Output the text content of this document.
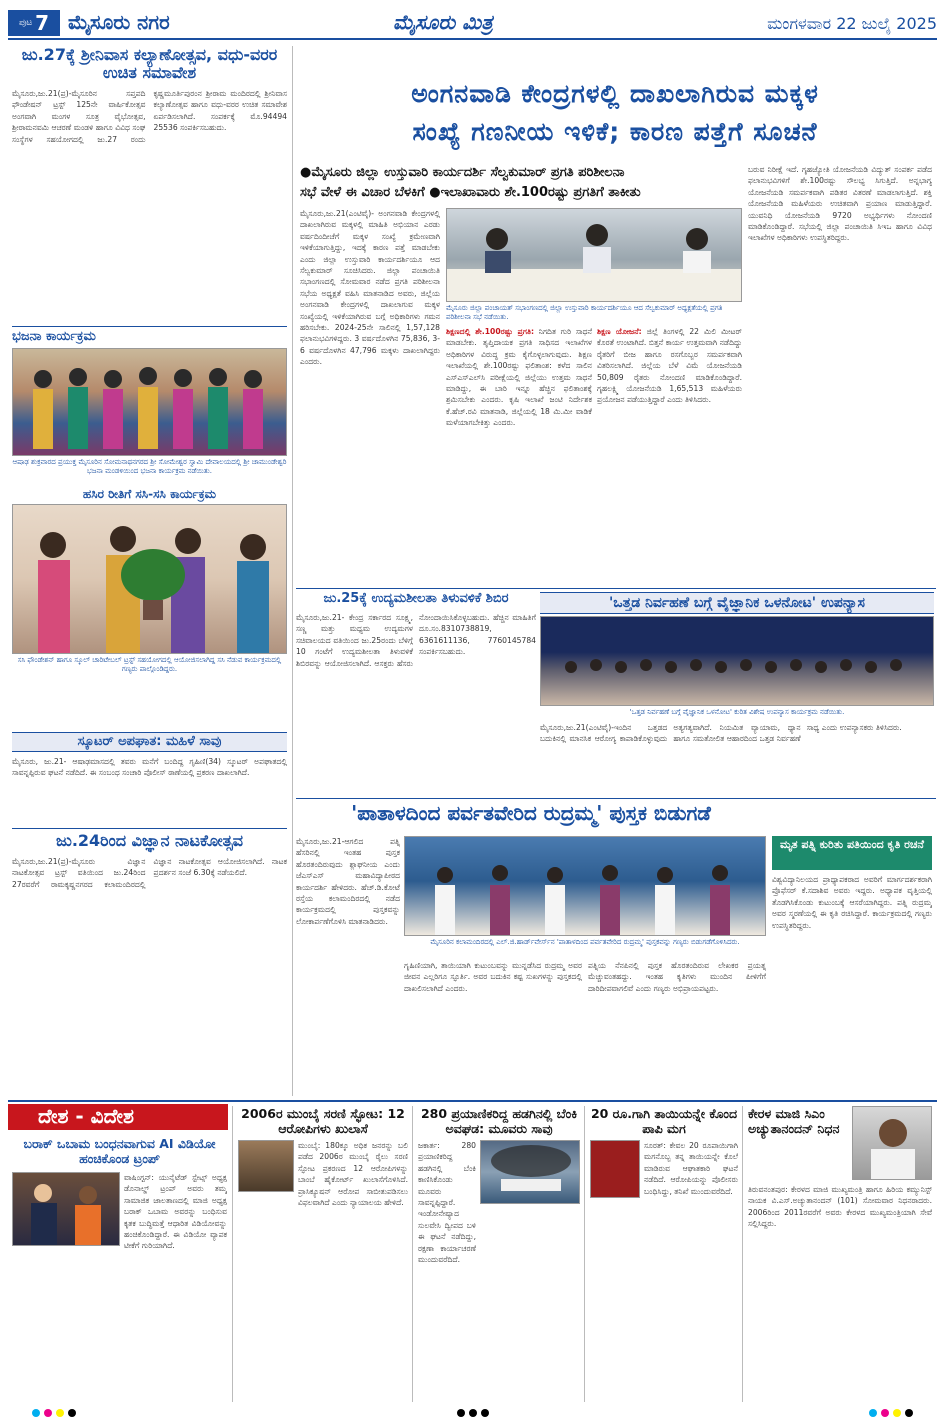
ಪುಟ 7 ಮೈಸೂರು ನಗರ	ಮೈಸೂರು ಮಿತ್ರ	ಮಂಗಳವಾರ 22 ಜುಲೈ 2025
ಜು.27ಕ್ಕೆ ಶ್ರೀನಿವಾಸ ಕಲ್ಯಾಣೋತ್ಸವ, ವಧು-ವರರ ಉಚಿತ ಸಮಾವೇಶ
ಮೈಸೂರು,ಜು.21(ಪ್ರ)-ಮೈಸೂರಿನ ಸಪ್ತಪದಿ ಫೌಂಡೇಷನ್ ಟ್ರಸ್ಟ್ 125ನೇ ವಾರ್ಷಿಕೋತ್ಸವ ಅಂಗವಾಗಿ ಮಂಗಳ ಸೂತ್ರ ವೈಭೋತ್ಸವ, ಶ್ರೀರಾಮನವಮಿ ಆಚರಣೆ ಮಂಡಳಿ ಹಾಗೂ ವಿವಿಧ ಸಂಘ ಸಂಸ್ಥೆಗಳ ಸಹಯೋಗದಲ್ಲಿ ಜು.27 ರಂದು ಕೃಷ್ಣಮೂರ್ತಿಪುರಂನ ಶ್ರೀರಾಮ ಮಂದಿರದಲ್ಲಿ ಶ್ರೀನಿವಾಸ ಕಲ್ಯಾಣೋತ್ಸವ ಹಾಗೂ ವಧು-ವರರ ಉಚಿತ ಸಮಾವೇಶ ಏರ್ಪಡಿಸಲಾಗಿದೆ. ಸಂಪರ್ಕಕ್ಕೆ ಮೊ.94494 25536 ಸಂಪರ್ಕಿಸಬಹುದು.
ಭಜನಾ ಕಾರ್ಯಕ್ರಮ
ಆಷಾಢ ಶುಕ್ರವಾರದ ಪ್ರಯುಕ್ತ ಮೈಸೂರಿನ ಸೋಮನಾಥನಗರದ ಶ್ರೀ ಸೋಮೇಶ್ವರ ಸ್ವಾಮಿ ದೇವಾಲಯದಲ್ಲಿ ಶ್ರೀ ಚಾಮುಂಡೇಶ್ವರಿ ಭಜನಾ ಮಂಡಳಿಯಿಂದ ಭಜನಾ ಕಾರ್ಯಕ್ರಮ ನಡೆಯಿತು.
ಹಸಿರ ರೀತಿಗೆ ಸಸಿ-ಸಸಿ ಕಾರ್ಯಕ್ರಮ
ಸಸಿ ಫೌಂಡೇಶನ್ ಹಾಗೂ ಸ್ಕೂಲ್ ಚಾರಿಟೇಬಲ್ ಟ್ರಸ್ಟ್ ಸಹಯೋಗದಲ್ಲಿ ಆಯೋಜಿಸಲಾಗಿದ್ದ ಸಸಿ ನೆಡುವ ಕಾರ್ಯಕ್ರಮದಲ್ಲಿ ಗಣ್ಯರು ಪಾಲ್ಗೊಂಡಿದ್ದರು.
ಸ್ಕೂಟರ್ ಅಪಘಾತ: ಮಹಿಳೆ ಸಾವು
ಮೈಸೂರು, ಜು.21- ಆಷಾಢಮಾಸದಲ್ಲಿ ತವರು ಮನೆಗೆ ಬಂದಿದ್ದ ಗೃಹಿಣಿ(34) ಸ್ಕೂಟರ್ ಅಪಘಾತದಲ್ಲಿ ಸಾವನ್ನಪ್ಪಿರುವ ಘಟನೆ ನಡೆದಿದೆ. ಈ ಸಂಬಂಧ ಸಂಚಾರಿ ಪೊಲೀಸ್ ಠಾಣೆಯಲ್ಲಿ ಪ್ರಕರಣ ದಾಖಲಾಗಿದೆ.
ಜು.24ರಿಂದ ವಿಜ್ಞಾನ ನಾಟಕೋತ್ಸವ
ಮೈಸೂರು,ಜು.21(ಪ್ರ)-ಮೈಸೂರು ವಿಜ್ಞಾನ ನಾಟಕೋತ್ಸವ ಟ್ರಸ್ಟ್ ವತಿಯಿಂದ ಜು.24ರಿಂದ 27ರವರೆಗೆ ರಾಮಕೃಷ್ಣನಗರದ ಕಲಾಮಂದಿರದಲ್ಲಿ ವಿಜ್ಞಾನ ನಾಟಕೋತ್ಸವ ಆಯೋಜಿಸಲಾಗಿದೆ. ನಾಟಕ ಪ್ರದರ್ಶನ ಸಂಜೆ 6.30ಕ್ಕೆ ನಡೆಯಲಿದೆ.
ಅಂಗನವಾಡಿ ಕೇಂದ್ರಗಳಲ್ಲಿ ದಾಖಲಾಗಿರುವ ಮಕ್ಕಳ
ಸಂಖ್ಯೆ ಗಣನೀಯ ಇಳಿಕೆ; ಕಾರಣ ಪತ್ತೆಗೆ ಸೂಚನೆ
●ಮೈಸೂರು ಜಿಲ್ಲಾ ಉಸ್ತುವಾರಿ ಕಾರ್ಯದರ್ಶಿ ಸೆಲ್ವಕುಮಾರ್ ಪ್ರಗತಿ ಪರಿಶೀಲನಾ
ಸಭೆ ವೇಳೆ ಈ ವಿಚಾರ ಬೆಳಕಿಗೆ ●ಇಲಾಖಾವಾರು ಶೇ.100ರಷ್ಟು ಪ್ರಗತಿಗೆ ತಾಕೀತು
ಮೈಸೂರು,ಜು.21(ಎಂಟಿವೈ)- ಅಂಗನವಾಡಿ ಕೇಂದ್ರಗಳಲ್ಲಿ ದಾಖಲಾಗಿರುವ ಮಕ್ಕಳಲ್ಲಿ ಮಾಹಿತಿ ಅಭಿಯಾನ ಎರಡು ವರ್ಷದಿಂದೀಚೆಗೆ ಮಕ್ಕಳ ಸಂಖ್ಯೆ ಕ್ರಮೇಣವಾಗಿ ಇಳಿಕೆಯಾಗುತ್ತಿದ್ದು, ಇದಕ್ಕೆ ಕಾರಣ ಪತ್ತೆ ಮಾಡಬೇಕು ಎಂದು ಜಿಲ್ಲಾ ಉಸ್ತುವಾರಿ ಕಾರ್ಯದರ್ಶಿಯೂ ಆದ ಸೆಲ್ವಕುಮಾರ್ ಸೂಚಿಸಿದರು. ಜಿಲ್ಲಾ ಪಂಚಾಯಿತಿ ಸಭಾಂಗಣದಲ್ಲಿ ಸೋಮವಾರ ನಡೆದ ಪ್ರಗತಿ ಪರಿಶೀಲನಾ ಸಭೆಯ ಅಧ್ಯಕ್ಷತೆ ವಹಿಸಿ ಮಾತನಾಡಿದ ಅವರು, ಜಿಲ್ಲೆಯ ಅಂಗನವಾಡಿ ಕೇಂದ್ರಗಳಲ್ಲಿ ದಾಖಲಾಗುವ ಮಕ್ಕಳ ಸಂಖ್ಯೆಯಲ್ಲಿ ಇಳಿಕೆಯಾಗಿರುವ ಬಗ್ಗೆ ಅಧಿಕಾರಿಗಳು ಗಮನ ಹರಿಸಬೇಕು. 2024-25ನೇ ಸಾಲಿನಲ್ಲಿ 1,57,128 ಫಲಾನುಭವಿಗಳಿದ್ದರು. 3 ವರ್ಷದೊಳಗಿನ 75,836, 3-6 ವರ್ಷದೊಳಗಿನ 47,796 ಮಕ್ಕಳು ದಾಖಲಾಗಿದ್ದರು ಎಂದರು.
ಮೈಸೂರು ಜಿಲ್ಲಾ ಪಂಚಾಯತ್ ಸಭಾಂಗಣದಲ್ಲಿ ಜಿಲ್ಲಾ ಉಸ್ತುವಾರಿ ಕಾರ್ಯದರ್ಶಿಯೂ ಆದ ಸೆಲ್ವಕುಮಾರ್ ಅಧ್ಯಕ್ಷತೆಯಲ್ಲಿ ಪ್ರಗತಿ ಪರಿಶೀಲನಾ ಸಭೆ ನಡೆಯಿತು.
ಶಿಕ್ಷಣದಲ್ಲಿ ಶೇ.100ರಷ್ಟು ಪ್ರಗತಿ: ನಿಗದಿತ ಗುರಿ ಸಾಧನೆ ಮಾಡಬೇಕು. ತೃಪ್ತಿದಾಯಕ ಪ್ರಗತಿ ಸಾಧಿಸದ ಇಲಾಖೆಗಳ ಅಧಿಕಾರಿಗಳ ವಿರುದ್ಧ ಕ್ರಮ ಕೈಗೊಳ್ಳಲಾಗುವುದು. ಶಿಕ್ಷಣ ಇಲಾಖೆಯಲ್ಲಿ ಶೇ.100ರಷ್ಟು ಫಲಿತಾಂಶ: ಕಳೆದ ಸಾಲಿನ ಎಸ್ಎಸ್ಎಲ್‌ಸಿ ಪರೀಕ್ಷೆಯಲ್ಲಿ ಜಿಲ್ಲೆಯು ಉತ್ತಮ ಸಾಧನೆ ಮಾಡಿದ್ದು, ಈ ಬಾರಿ ಇನ್ನೂ ಹೆಚ್ಚಿನ ಫಲಿತಾಂಶಕ್ಕೆ ಶ್ರಮಿಸಬೇಕು ಎಂದರು. ಕೃಷಿ ಇಲಾಖೆ ಜಂಟಿ ನಿರ್ದೇಶಕ ಕೆ.ಹೆಚ್.ರವಿ ಮಾತನಾಡಿ, ಜಿಲ್ಲೆಯಲ್ಲಿ 18 ಮಿ.ಮೀ ವಾಡಿಕೆ ಮಳೆಯಾಗಬೇಕಿತ್ತು ಎಂದರು.
ಶಿಕ್ಷಣ ಯೋಜನೆ: ಜಿಲ್ಲೆ ತಿಂಗಳಲ್ಲಿ 22 ಮಿಲಿ ಮೀಟರ್ ಕೊರತೆ ಉಂಟಾಗಿದೆ. ಬಿತ್ತನೆ ಕಾರ್ಯ ಉತ್ತಮವಾಗಿ ನಡೆದಿದ್ದು ರೈತರಿಗೆ ಬೀಜ ಹಾಗೂ ರಸಗೊಬ್ಬರ ಸಮರ್ಪಕವಾಗಿ ವಿತರಿಸಲಾಗಿದೆ. ಜಿಲ್ಲೆಯ ಬೆಳೆ ವಿಮೆ ಯೋಜನೆಯಡಿ 50,809 ರೈತರು ನೋಂದಣಿ ಮಾಡಿಕೊಂಡಿದ್ದಾರೆ. ಗೃಹಲಕ್ಷ್ಮಿ ಯೋಜನೆಯಡಿ 1,65,513 ಮಹಿಳೆಯರು ಪ್ರಯೋಜನ ಪಡೆಯುತ್ತಿದ್ದಾರೆ ಎಂದು ತಿಳಿಸಿದರು.
ಬರುವ ನಿರೀಕ್ಷೆ ಇದೆ. ಗೃಹಜ್ಯೋತಿ ಯೋಜನೆಯಡಿ ವಿದ್ಯುತ್ ಸಂಪರ್ಕ ಪಡೆದ ಫಲಾನುಭವಿಗಳಿಗೆ ಶೇ.100ರಷ್ಟು ಸೌಲಭ್ಯ ಸಿಗುತ್ತಿದೆ. ಅನ್ನಭಾಗ್ಯ ಯೋಜನೆಯಡಿ ಸಮರ್ಪಕವಾಗಿ ಪಡಿತರ ವಿತರಣೆ ಮಾಡಲಾಗುತ್ತಿದೆ. ಶಕ್ತಿ ಯೋಜನೆಯಡಿ ಮಹಿಳೆಯರು ಉಚಿತವಾಗಿ ಪ್ರಯಾಣ ಮಾಡುತ್ತಿದ್ದಾರೆ. ಯುವನಿಧಿ ಯೋಜನೆಯಡಿ 9720 ಅಭ್ಯರ್ಥಿಗಳು ನೋಂದಣಿ ಮಾಡಿಕೊಂಡಿದ್ದಾರೆ. ಸಭೆಯಲ್ಲಿ ಜಿಲ್ಲಾ ಪಂಚಾಯಿತಿ ಸಿಇಒ ಹಾಗೂ ವಿವಿಧ ಇಲಾಖೆಗಳ ಅಧಿಕಾರಿಗಳು ಉಪಸ್ಥಿತರಿದ್ದರು.
ಜು.25ಕ್ಕೆ ಉದ್ಯಮಶೀಲತಾ ತಿಳುವಳಿಕೆ ಶಿಬಿರ
ಮೈಸೂರು,ಜು.21- ಕೇಂದ್ರ ಸರ್ಕಾರದ ಸೂಕ್ಷ್ಮ, ಸಣ್ಣ ಮತ್ತು ಮಧ್ಯಮ ಉದ್ಯಮಗಳ ಸಚಿವಾಲಯದ ವತಿಯಿಂದ ಜು.25ರಂದು ಬೆಳಿಗ್ಗೆ 10 ಗಂಟೆಗೆ ಉದ್ಯಮಶೀಲತಾ ತಿಳುವಳಿಕೆ ಶಿಬಿರವನ್ನು ಆಯೋಜಿಸಲಾಗಿದೆ. ಆಸಕ್ತರು ಹೆಸರು ನೋಂದಾಯಿಸಿಕೊಳ್ಳಬಹುದು. ಹೆಚ್ಚಿನ ಮಾಹಿತಿಗೆ ದೂ.ಸಂ.8310738819, 6361611136, 7760145784 ಸಂಪರ್ಕಿಸಬಹುದು.
'ಒತ್ತಡ ನಿರ್ವಹಣೆ ಬಗ್ಗೆ ವೈಜ್ಞಾನಿಕ ಒಳನೋಟ' ಉಪನ್ಯಾಸ
'ಒತ್ತಡ ನಿರ್ವಹಣೆ ಬಗ್ಗೆ ವೈಜ್ಞಾನಿಕ ಒಳನೋಟ' ಕುರಿತ ವಿಶೇಷ ಉಪನ್ಯಾಸ ಕಾರ್ಯಕ್ರಮ ನಡೆಯಿತು.
ಮೈಸೂರು,ಜು.21(ಎಂಟಿವೈ)-ಇಂದಿನ ಒತ್ತಡದ ಬದುಕಿನಲ್ಲಿ ಮಾನಸಿಕ ಆರೋಗ್ಯ ಕಾಪಾಡಿಕೊಳ್ಳುವುದು ಅತ್ಯಗತ್ಯವಾಗಿದೆ. ನಿಯಮಿತ ವ್ಯಾಯಾಮ, ಧ್ಯಾನ ಹಾಗೂ ಸಮತೋಲಿತ ಆಹಾರದಿಂದ ಒತ್ತಡ ನಿರ್ವಹಣೆ ಸಾಧ್ಯ ಎಂದು ಉಪನ್ಯಾಸಕರು ತಿಳಿಸಿದರು.
'ಪಾತಾಳದಿಂದ ಪರ್ವತವೇರಿದ ರುದ್ರಮ್ಮ' ಪುಸ್ತಕ ಬಿಡುಗಡೆ
ಮೈಸೂರು,ಜು.21-ಆಗಲಿದ ಪತ್ನಿ ಹೆಸರಿನಲ್ಲಿ ಇಂತಹ ಪುಸ್ತಕ ಹೊರತಂದಿರುವುದು ಶ್ಲಾಘನೀಯ ಎಂದು ಜೆಎಸ್ಎಸ್ ಮಹಾವಿದ್ಯಾಪೀಠದ ಕಾರ್ಯದರ್ಶಿ ಹೇಳಿದರು. ಹೆಚ್.ಡಿ.ಕೋಟೆ ರಸ್ತೆಯ ಕಲಾಮಂದಿರದಲ್ಲಿ ನಡೆದ ಕಾರ್ಯಕ್ರಮದಲ್ಲಿ ಪುಸ್ತಕವನ್ನು ಲೋಕಾರ್ಪಣೆಗೊಳಿಸಿ ಮಾತನಾಡಿದರು.
ಮೈಸೂರಿನ ಕಲಾಮಂದಿರದಲ್ಲಿ ಎಲ್.ಜಿ.ಹಾರ್ಡ್‌ವೇರ್ಸ್‌ನ 'ಪಾತಾಳದಿಂದ ಪರ್ವತವೇರಿದ ರುದ್ರಮ್ಮ' ಪುಸ್ತಕವನ್ನು ಗಣ್ಯರು ಬಿಡುಗಡೆಗೊಳಿಸಿದರು.
ಗೃಹಿಣಿಯಾಗಿ, ತಾಯಿಯಾಗಿ ಕುಟುಂಬವನ್ನು ಮುನ್ನಡೆಸಿದ ರುದ್ರಮ್ಮ ಅವರ ಜೀವನ ಎಲ್ಲರಿಗೂ ಸ್ಫೂರ್ತಿ. ಅವರ ಬದುಕಿನ ಕಷ್ಟ ಸುಖಗಳನ್ನು ಪುಸ್ತಕದಲ್ಲಿ ದಾಖಲಿಸಲಾಗಿದೆ ಎಂದರು.
ಪತ್ನಿಯ ನೆನಪಿನಲ್ಲಿ ಪುಸ್ತಕ ಹೊರತಂದಿರುವ ಲೇಖಕರ ಪ್ರಯತ್ನ ಮೆಚ್ಚುವಂತಹದ್ದು. ಇಂತಹ ಕೃತಿಗಳು ಮುಂದಿನ ಪೀಳಿಗೆಗೆ ದಾರಿದೀಪವಾಗಲಿವೆ ಎಂದು ಗಣ್ಯರು ಅಭಿಪ್ರಾಯಪಟ್ಟರು.
ಮೃತ ಪತ್ನಿ ಕುರಿತು ಪತಿಯಿಂದ ಕೃತಿ ರಚನೆ
ವಿಶ್ವವಿದ್ಯಾನಿಲಯದ ಪ್ರಾಧ್ಯಾಪಕರಾದ ಅವರಿಗೆ ಮಾರ್ಗದರ್ಶಕರಾಗಿ ಪ್ರೊಫೆಸರ್ ಕೆ.ಸದಾಶಿವ ಅವರು ಇದ್ದರು. ಅಧ್ಯಾಪಕ ವೃತ್ತಿಯಲ್ಲಿ ತೊಡಗಿಸಿಕೊಂಡು ಕುಟುಂಬಕ್ಕೆ ಆಸರೆಯಾಗಿದ್ದರು. ಪತ್ನಿ ರುದ್ರಮ್ಮ ಅವರ ಸ್ಮರಣೆಯಲ್ಲಿ ಈ ಕೃತಿ ರಚಿಸಿದ್ದಾರೆ. ಕಾರ್ಯಕ್ರಮದಲ್ಲಿ ಗಣ್ಯರು ಉಪಸ್ಥಿತರಿದ್ದರು.
ದೇಶ - ವಿದೇಶ
ಬರಾಕ್ ಒಬಾಮ ಬಂಧನವಾಗುವ AI ವಿಡಿಯೋ ಹಂಚಿಕೊಂಡ ಟ್ರಂಪ್
ವಾಷಿಂಗ್ಟನ್: ಯುನೈಟೆಡ್ ಸ್ಟೇಟ್ಸ್ ಅಧ್ಯಕ್ಷ ಡೊನಾಲ್ಡ್ ಟ್ರಂಪ್ ಅವರು ತಮ್ಮ ಸಾಮಾಜಿಕ ಜಾಲತಾಣದಲ್ಲಿ ಮಾಜಿ ಅಧ್ಯಕ್ಷ ಬರಾಕ್ ಒಬಾಮ ಅವರನ್ನು ಬಂಧಿಸುವ ಕೃತಕ ಬುದ್ಧಿಮತ್ತೆ ಆಧಾರಿತ ವಿಡಿಯೋವನ್ನು ಹಂಚಿಕೊಂಡಿದ್ದಾರೆ. ಈ ವಿಡಿಯೋ ವ್ಯಾಪಕ ಟೀಕೆಗೆ ಗುರಿಯಾಗಿದೆ.
2006ರ ಮುಂಬೈ ಸರಣಿ ಸ್ಫೋಟ: 12 ಆರೋಪಿಗಳು ಖುಲಾಸೆ
ಮುಂಬೈ: 180ಕ್ಕೂ ಅಧಿಕ ಜನರನ್ನು ಬಲಿ ಪಡೆದ 2006ರ ಮುಂಬೈ ರೈಲು ಸರಣಿ ಸ್ಫೋಟ ಪ್ರಕರಣದ 12 ಆರೋಪಿಗಳನ್ನು ಬಾಂಬೆ ಹೈಕೋರ್ಟ್ ಖುಲಾಸೆಗೊಳಿಸಿದೆ. ಪ್ರಾಸಿಕ್ಯೂಷನ್ ಆರೋಪ ಸಾಬೀತುಪಡಿಸಲು ವಿಫಲವಾಗಿದೆ ಎಂದು ನ್ಯಾಯಾಲಯ ಹೇಳಿದೆ.
280 ಪ್ರಯಾಣಿಕರಿದ್ದ ಹಡಗಿನಲ್ಲಿ ಬೆಂಕಿ ಅವಘಡ: ಮೂವರು ಸಾವು
ಜಕಾರ್ತ: 280 ಪ್ರಯಾಣಿಕರಿದ್ದ ಹಡಗಿನಲ್ಲಿ ಬೆಂಕಿ ಕಾಣಿಸಿಕೊಂಡು ಮೂವರು ಸಾವನ್ನಪ್ಪಿದ್ದಾರೆ. ಇಂಡೋನೇಷ್ಯಾದ ಸುಲವೇಸಿ ದ್ವೀಪದ ಬಳಿ ಈ ಘಟನೆ ನಡೆದಿದ್ದು, ರಕ್ಷಣಾ ಕಾರ್ಯಾಚರಣೆ ಮುಂದುವರೆದಿದೆ.
20 ರೂ.ಗಾಗಿ ತಾಯಿಯನ್ನೇ ಕೊಂದ ಪಾಪಿ ಮಗ
ಸೂರತ್: ಕೇವಲ 20 ರೂಪಾಯಿಗಾಗಿ ಮಗನೊಬ್ಬ ತನ್ನ ತಾಯಿಯನ್ನೇ ಕೊಲೆ ಮಾಡಿರುವ ಆಘಾತಕಾರಿ ಘಟನೆ ನಡೆದಿದೆ. ಆರೋಪಿಯನ್ನು ಪೊಲೀಸರು ಬಂಧಿಸಿದ್ದು, ತನಿಖೆ ಮುಂದುವರೆದಿದೆ.
ಕೇರಳ ಮಾಜಿ ಸಿಎಂ ಅಚ್ಯುತಾನಂದನ್ ನಿಧನ
ತಿರುವನಂತಪುರ: ಕೇರಳದ ಮಾಜಿ ಮುಖ್ಯಮಂತ್ರಿ ಹಾಗೂ ಹಿರಿಯ ಕಮ್ಯುನಿಸ್ಟ್ ನಾಯಕ ವಿ.ಎಸ್.ಅಚ್ಯುತಾನಂದನ್ (101) ಸೋಮವಾರ ನಿಧನರಾದರು. 2006ರಿಂದ 2011ರವರೆಗೆ ಅವರು ಕೇರಳದ ಮುಖ್ಯಮಂತ್ರಿಯಾಗಿ ಸೇವೆ ಸಲ್ಲಿಸಿದ್ದರು.
